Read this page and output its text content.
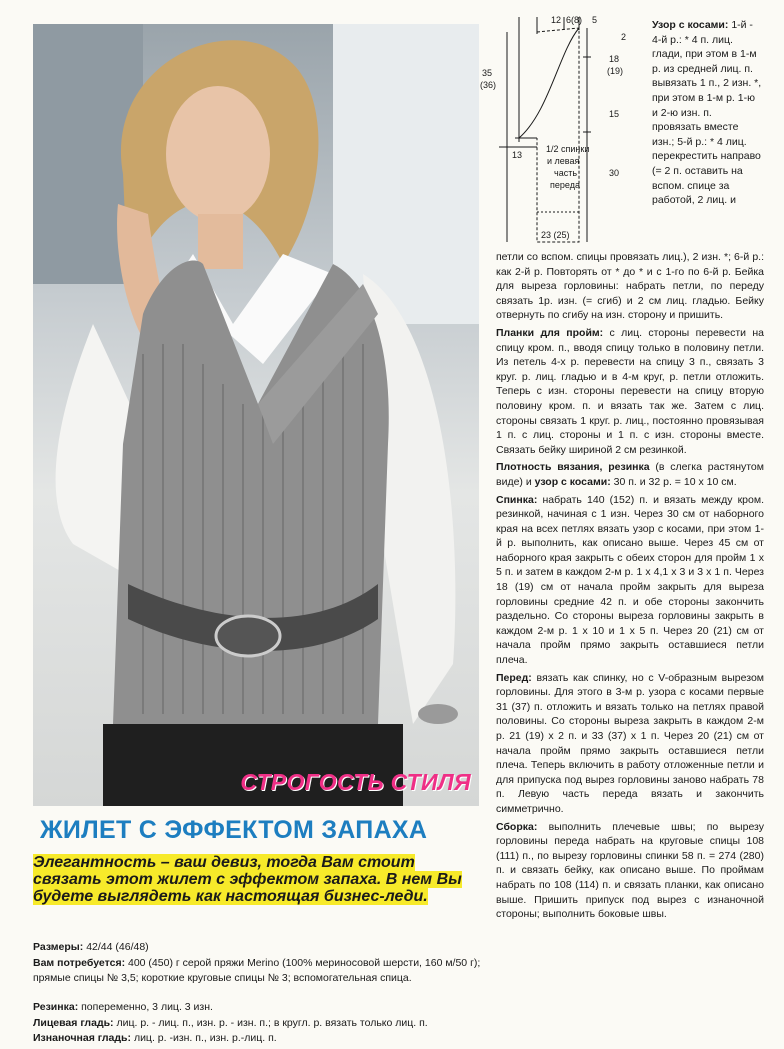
СТРОГОСТЬ СТИЛЯ
ЖИЛЕТ С ЭФФЕКТОМ ЗАПАХА
Элегантность – ваш девиз, тогда Вам стоит связать этот жилет с эффектом запаха. В нем Вы будете выглядеть как настоящая бизнес-леди.
Размеры: 42/44 (46/48)
Вам потребуется: 400 (450) г серой пряжи Merino (100% мериносовой шерсти, 160 м/50 г); прямые спицы № 3,5; короткие круговые спицы № 3; вспомогательная спица.
Резинка: попеременно, 3 лиц. 3 изн.
Лицевая гладь: лиц. р. - лиц. п., изн. р. - изн. п.; в кругл. р. вязать только лиц. п.
Изнаночная гладь: лиц. р. -изн. п., изн. р.-лиц. п.
12 6(8) 5
2
18
(19)
15
30
35
(36)
13
23 (25)
1/2 спинки
и левая
часть
переда
Узор с косами: 1-й - 4-й р.: * 4 п. лиц. глади, при этом в 1-м р. из средней лиц. п. вывязать 1 п., 2 изн. *, при этом в 1-м р. 1-ю и 2-ю изн. п. провязать вместе изн.; 5-й р.: * 4 лиц. перекрестить направо (= 2 п. оставить на вспом. спице за работой, 2 лиц. и

петли со вспом. спицы провязать лиц.), 2 изн. *; 6-й р.: как 2-й р. Повторять от * до * и с 1-го по 6-й р. Бейка для выреза горловины: набрать петли, по переду связать 1р. изн. (= сгиб) и 2 см лиц. гладью. Бейку отвернуть по сгибу на изн. сторону и пришить.

Планки для пройм: с лиц. стороны перевести на спицу кром. п., вводя спицу только в половину петли. Из петель 4-х р. перевести на спицу 3 п., связать 3 круг. р. лиц. гладью и в 4-м круг, р. петли отложить. Теперь с изн. стороны перевести на спицу вторую половину кром. п. и вязать так же. Затем с лиц. стороны связать 1 круг. р. лиц., постоянно провязывая 1 п. с лиц. стороны и 1 п. с изн. стороны вместе. Связать бейку шириной 2 см резинкой.

Плотность вязания, резинка (в слегка растянутом виде) и узор с косами: 30 п. и 32 р. = 10 х 10 см.

Спинка: набрать 140 (152) п. и вязать между кром. резинкой, начиная с 1 изн. Через 30 см от наборного края на всех петлях вязать узор с косами, при этом 1-й р. выполнить, как описано выше. Через 45 см от наборного края закрыть с обеих сторон для пройм 1 х 5 п. и затем в каждом 2-м р. 1 х 4,1 х 3 и 3 х 1 п. Через 18 (19) см от начала пройм закрыть для выреза горловины средние 42 п. и обе стороны закончить раздельно. Со стороны выреза горловины закрыть в каждом 2-м р. 1 х 10 и 1 х 5 п. Через 20 (21) см от начала пройм прямо закрыть оставшиеся петли плеча.

Перед: вязать как спинку, но с V-образным вырезом горловины. Для этого в 3-м р. узора с косами первые 31 (37) п. отложить и вязать только на петлях правой половины. Со стороны выреза закрыть в каждом 2-м р. 21 (19) х 2 п. и 33 (37) х 1 п. Через 20 (21) см от начала пройм прямо закрыть оставшиеся петли плеча. Теперь включить в работу отложенные петли и для припуска под вырез горловины заново набрать 78 п. Левую часть переда вязать и закончить симметрично.

Сборка: выполнить плечевые швы; по вырезу горловины переда набрать на круговые спицы 108 (111) п., по вырезу горловины спинки 58 п. = 274 (280) п. и связать бейку, как описано выше. По проймам набрать по 108 (114) п. и связать планки, как описано выше. Пришить припуск под вырез с изнаночной стороны; выполнить боковые швы.
